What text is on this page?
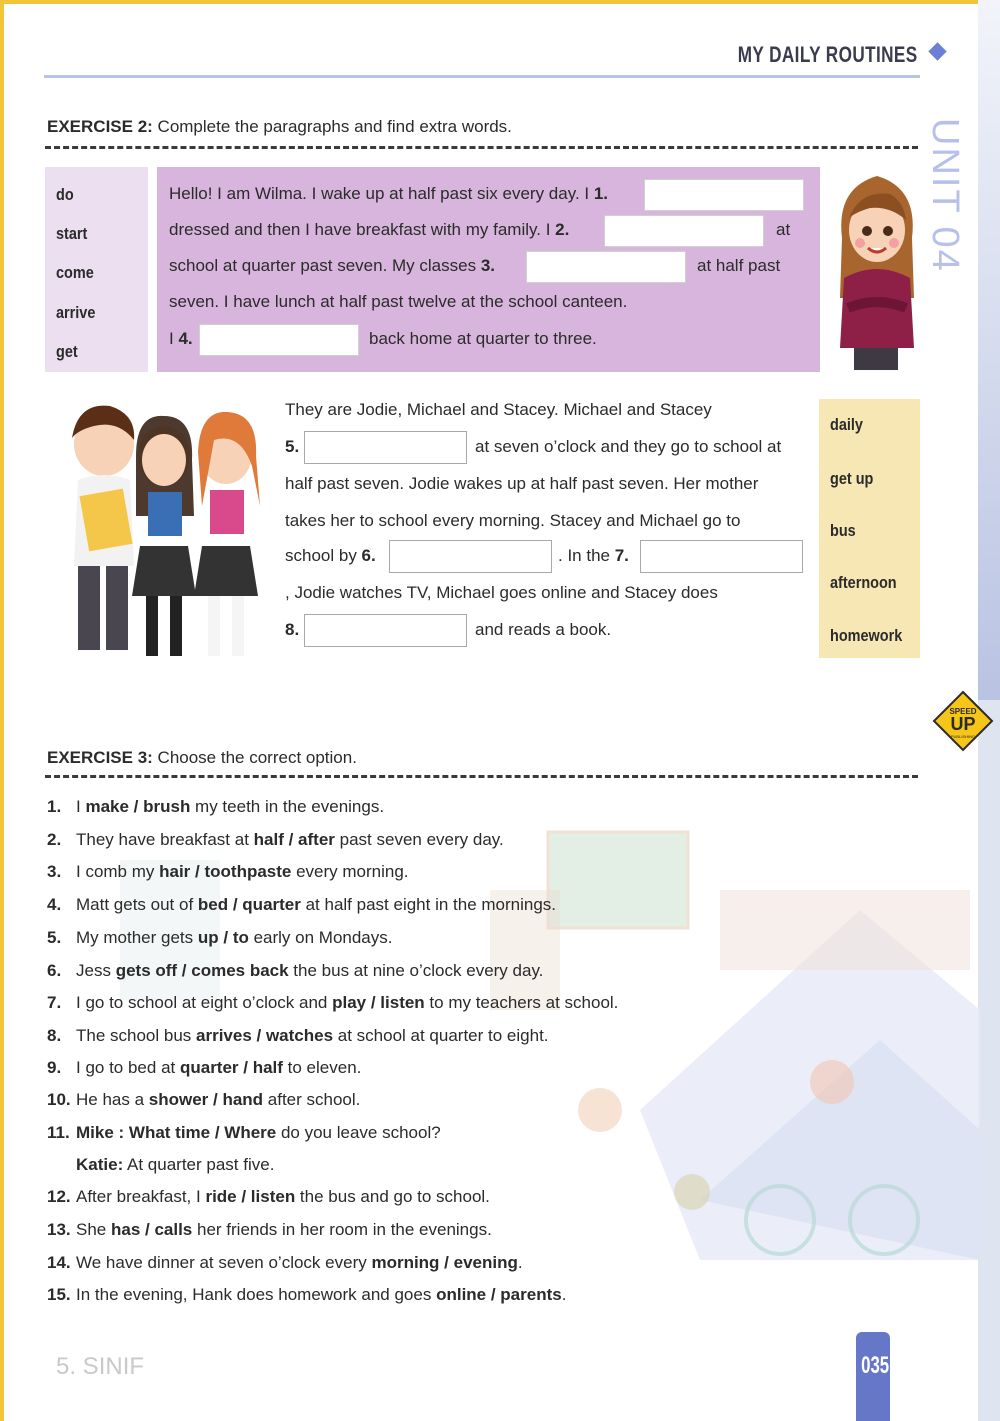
MY DAILY ROUTINES
UNIT 04
EXERCISE 2: Complete the paragraphs and find extra words.
do
start
come
arrive
get
Hello! I am Wilma. I wake up at half past six every day. I 1.
dressed and then I have breakfast with my family. I 2.	at
school at quarter past seven. My classes 3.	at half past
seven. I have lunch at half past twelve at the school canteen.
I 4.	back home at quarter to three.
They are Jodie, Michael and Stacey. Michael and Stacey
5.	at seven o’clock and they go to school at
half past seven. Jodie wakes up at half past seven. Her mother
takes her to school every morning. Stacey and Michael go to
school by 6.	. In the 7.
, Jodie watches TV, Michael goes online and Stacey does
8.	and reads a book.
daily
get up
bus
afternoon
homework
SPEED
UP
PUBLISHING
EXERCISE 3: Choose the correct option.
1. I make / brush my teeth in the evenings.
2. They have breakfast at half / after past seven every day.
3. I comb my hair / toothpaste every morning.
4. Matt gets out of bed / quarter at half past eight in the mornings.
5. My mother gets up / to early on Mondays.
6. Jess gets off / comes back the bus at nine o’clock every day.
7. I go to school at eight o’clock and play / listen to my teachers at school.
8. The school bus arrives / watches at school at quarter to eight.
9. I go to bed at quarter / half to eleven.
10. He has a shower / hand after school.
11. Mike : What time / Where do you leave school?
Katie: At quarter past five.
12. After breakfast, I ride / listen the bus and go to school.
13. She has / calls her friends in her room in the evenings.
14. We have dinner at seven o’clock every morning / evening.
15. In the evening, Hank does homework and goes online / parents.
5. SINIF	035
